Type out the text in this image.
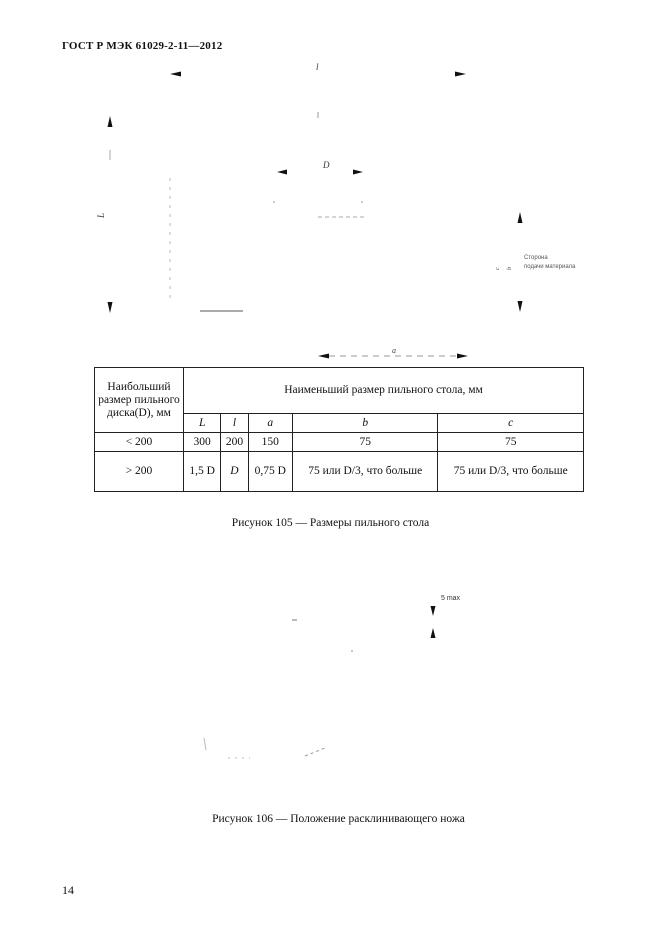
ГОСТ Р МЭК 61029-2-11—2012
l
L
D
c b
Сторона
подачи материала
a
Наибольший размер пильного диска(D), мм	Наименьший размер пильного стола, мм				
	L	l	a	b	c
< 200	300	200	150	75	75
> 200	1,5 D	D	0,75 D	75 или D/3, что больше	75 или D/3, что больше
Рисунок 105 — Размеры пильного стола
5 max
Рисунок 106 — Положение расклинивающего ножа
14
